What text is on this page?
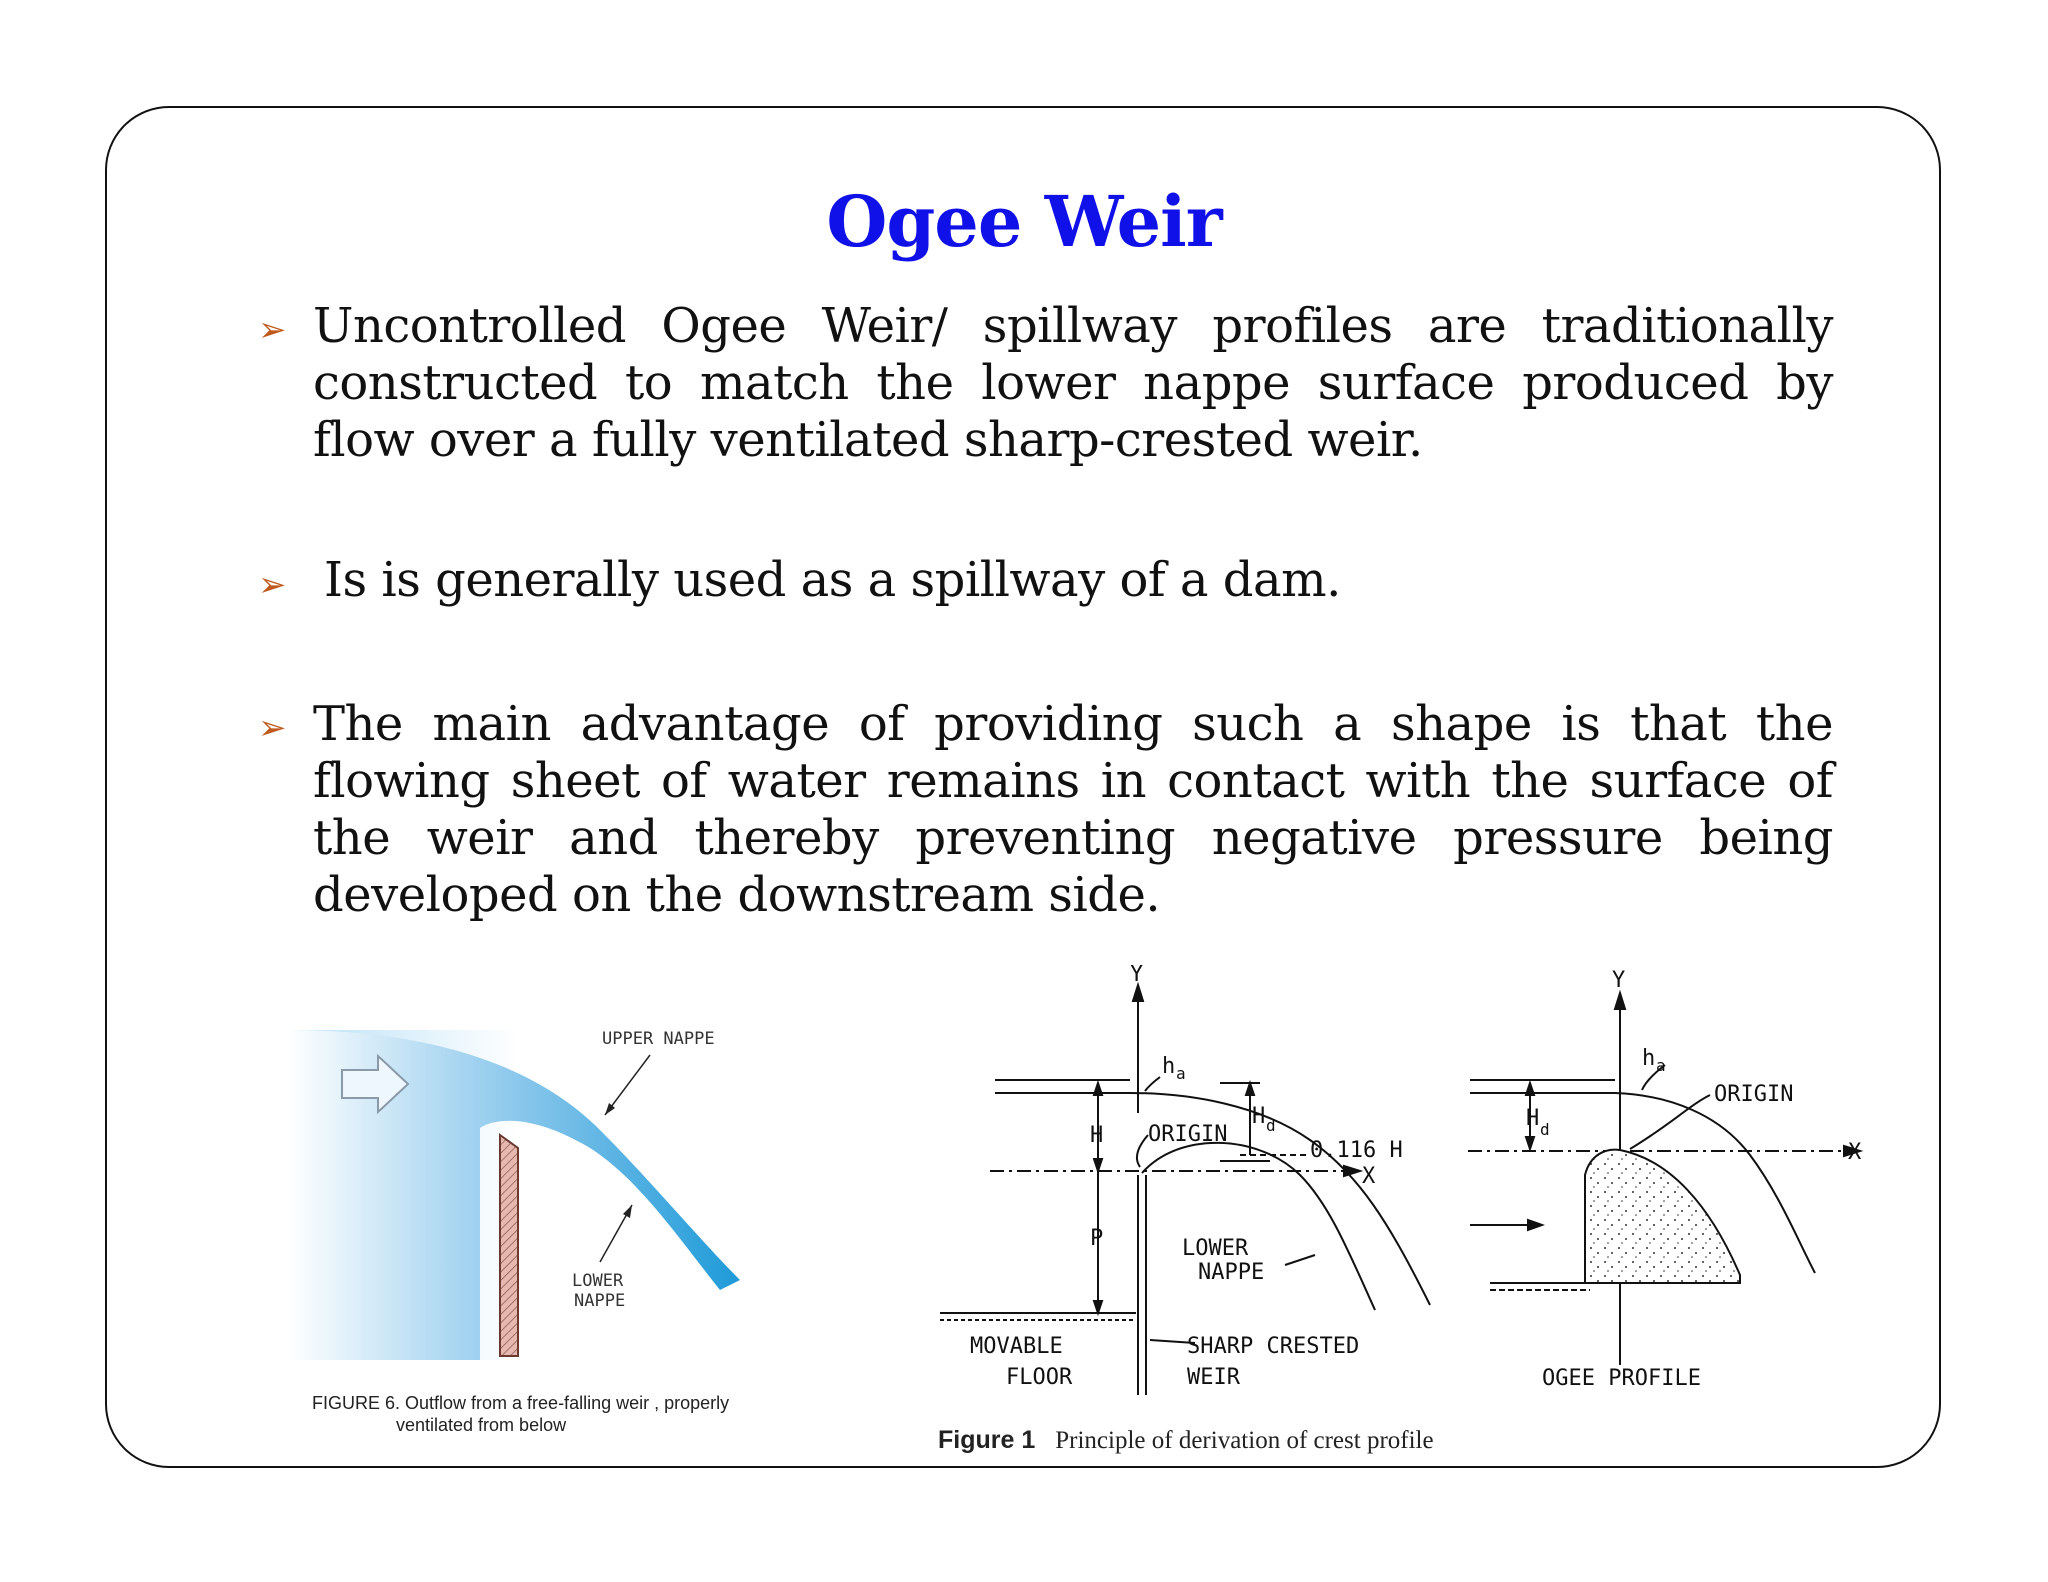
Ogee Weir
➢ Uncontrolled Ogee Weir/ spillway profiles are traditionally constructed to match the lower nappe surface produced by flow over a fully ventilated sharp-crested weir.
➢ Is is generally used as a spillway of a dam.
➢ The main advantage of providing such a shape is that the flowing sheet of water remains in contact with the surface of the weir and thereby preventing negative pressure being developed on the downstream side.
UPPER NAPPE
LOWER
NAPPE
FIGURE 6. Outflow from a free-falling weir , properly
ventilated from below
Y
X
h a
H d
H
P
ORIGIN
0.116 H
LOWER
NAPPE
MOVABLE
FLOOR
SHARP CRESTED
WEIR
Y
X
h a
H d
ORIGIN
OGEE PROFILE
Figure 1 Principle of derivation of crest profile
